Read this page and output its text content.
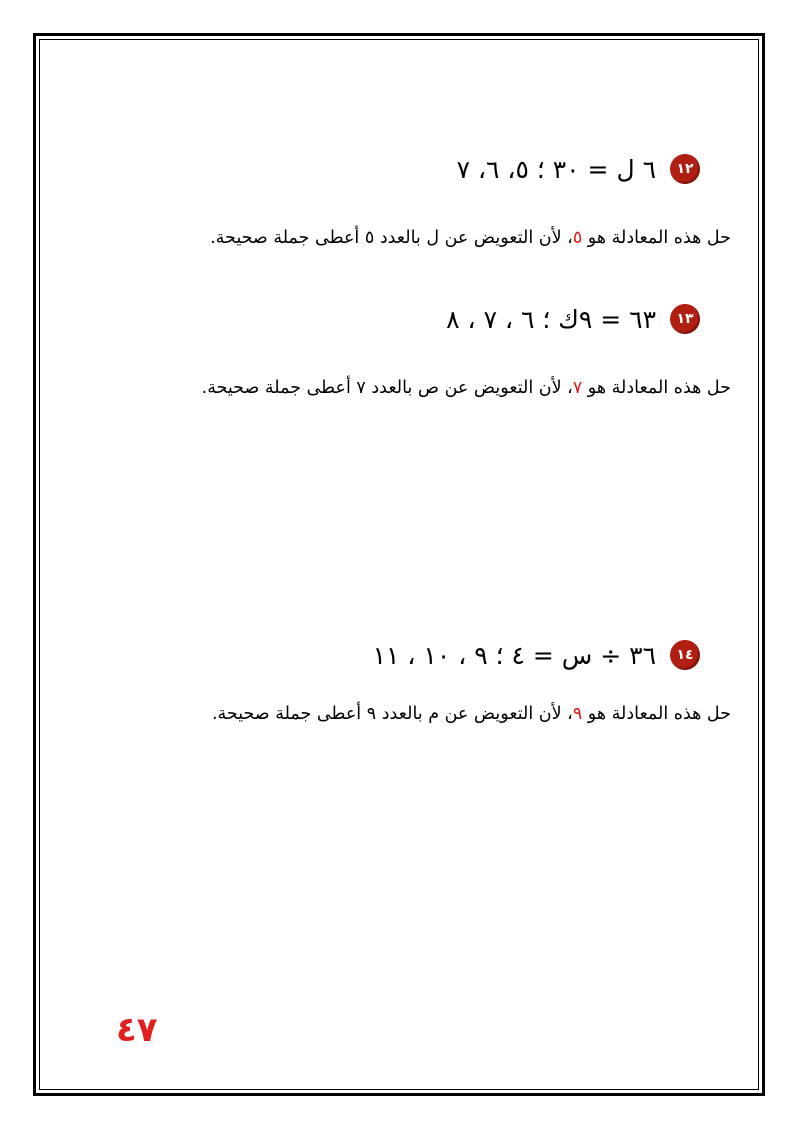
١٢
٦ ل = ٣٠ ؛ ٥، ٦، ٧
حل هذه المعادلة هو ٥، لأن التعويض عن ل بالعدد ٥ أعطى جملة صحيحة.
١٣
٦٣ = ٩ك ؛ ٦ ، ٧ ، ٨
حل هذه المعادلة هو ٧، لأن التعويض عن ص بالعدد ٧ أعطى جملة صحيحة.
١٤
٣٦ ÷ س = ٤ ؛ ٩ ، ١٠ ، ١١
حل هذه المعادلة هو ٩، لأن التعويض عن م بالعدد ٩ أعطى جملة صحيحة.
٤٧
